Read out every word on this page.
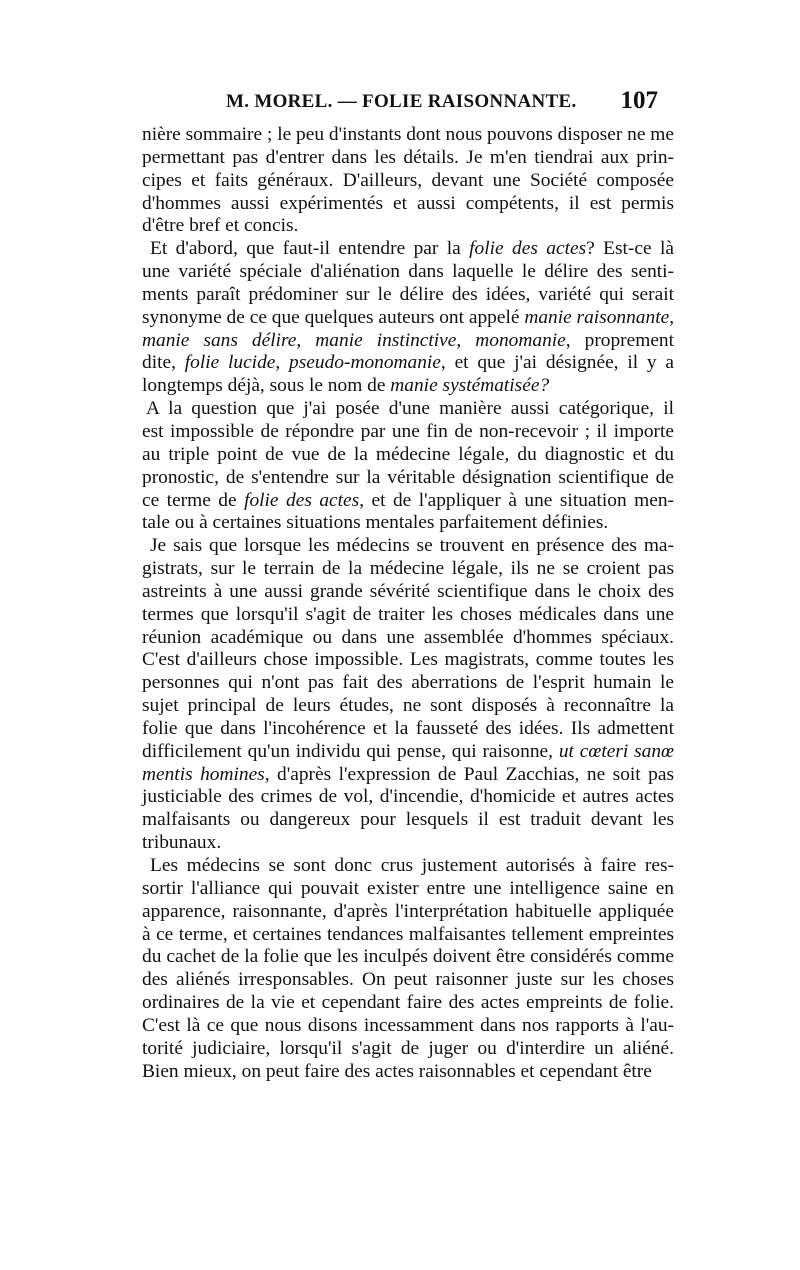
M. MOREL. — FOLIE RAISONNANTE. 107
nière sommaire ; le peu d'instants dont nous pouvons disposer ne me
permettant pas d'entrer dans les détails. Je m'en tiendrai aux prin-
cipes et faits généraux. D'ailleurs, devant une Société composée
d'hommes aussi expérimentés et aussi compétents, il est permis
d'être bref et concis.
Et d'abord, que faut-il entendre par la folie des actes? Est-ce là
une variété spéciale d'aliénation dans laquelle le délire des senti-
ments paraît prédominer sur le délire des idées, variété qui serait
synonyme de ce que quelques auteurs ont appelé manie raisonnante,
manie sans délire, manie instinctive, monomanie, proprement
dite, folie lucide, pseudo-monomanie, et que j'ai désignée, il y a
longtemps déjà, sous le nom de manie systématisée?
A la question que j'ai posée d'une manière aussi catégorique, il
est impossible de répondre par une fin de non-recevoir ; il importe
au triple point de vue de la médecine légale, du diagnostic et du
pronostic, de s'entendre sur la véritable désignation scientifique de
ce terme de folie des actes, et de l'appliquer à une situation men-
tale ou à certaines situations mentales parfaitement définies.
Je sais que lorsque les médecins se trouvent en présence des ma-
gistrats, sur le terrain de la médecine légale, ils ne se croient pas
astreints à une aussi grande sévérité scientifique dans le choix des
termes que lorsqu'il s'agit de traiter les choses médicales dans une
réunion académique ou dans une assemblée d'hommes spéciaux.
C'est d'ailleurs chose impossible. Les magistrats, comme toutes les
personnes qui n'ont pas fait des aberrations de l'esprit humain le
sujet principal de leurs études, ne sont disposés à reconnaître la
folie que dans l'incohérence et la fausseté des idées. Ils admettent
difficilement qu'un individu qui pense, qui raisonne, ut cœteri sanœ
mentis homines, d'après l'expression de Paul Zacchias, ne soit pas
justiciable des crimes de vol, d'incendie, d'homicide et autres actes
malfaisants ou dangereux pour lesquels il est traduit devant les
tribunaux.
Les médecins se sont donc crus justement autorisés à faire res-
sortir l'alliance qui pouvait exister entre une intelligence saine en
apparence, raisonnante, d'après l'interprétation habituelle appliquée
à ce terme, et certaines tendances malfaisantes tellement empreintes
du cachet de la folie que les inculpés doivent être considérés comme
des aliénés irresponsables. On peut raisonner juste sur les choses
ordinaires de la vie et cependant faire des actes empreints de folie.
C'est là ce que nous disons incessamment dans nos rapports à l'au-
torité judiciaire, lorsqu'il s'agit de juger ou d'interdire un aliéné.
Bien mieux, on peut faire des actes raisonnables et cependant être
